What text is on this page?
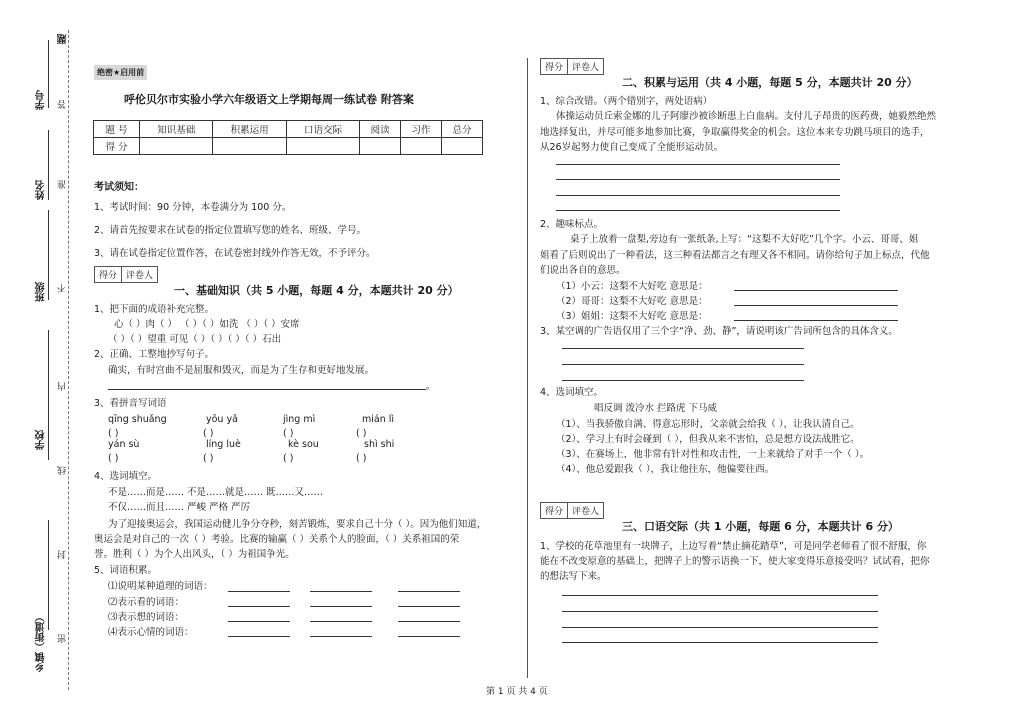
题
学号 答
姓名 准
班级 不
内
学校
线
封
乡镇（街道） 密
绝密★启用前
呼伦贝尔市实验小学六年级语文上学期每周一练试卷 附答案
题 号	知识基础	积累运用	口语交际	阅读	习作	总分
得 分						
考试须知：
1、考试时间：90 分钟，本卷满分为 100 分。
2、请首先按要求在试卷的指定位置填写您的姓名、班级、学号。
3、请在试卷指定位置作答，在试卷密封线外作答无效，不予评分。
得分	评卷人
一、基础知识（共 5 小题，每题 4 分，本题共计 20 分）
1、把下面的成语补充完整。
心（ ）肉（ ） （ ）（ ）如洗 （ ）（ ）安席
（ ）（ ）望重 可见（ ）（ ）（ ）（ ）石出
2、正确、工整地抄写句子。
确实，有时宫曲不是屈服和毁灭，而是为了生存和更好地发展。
。
3、看拼音写词语
qīng shuǎng	yōu yǎ	jìng mì	mián lì
( )	( )	( )	( )
yán sù	líng luè	kè sou	shì shi
( )	( )	( )	( )
4、选词填空。
不是……而是…… 不是……就是…… 既……又……
不仅……而且…… 严峻 严格 严厉
为了迎接奥运会，我国运动健儿争分夺秒，刻苦锻炼，要求自己十分（ ）。因为他们知道，
奥运会是对自己的一次（ ）考验。比赛的输赢（ ）关系个人的脸面，（ ）关系祖国的荣
誉。胜利（ ）为个人出风头，（ ）为祖国争光。
5、词语积累。
⑴说明某种道理的词语：
⑵表示看的词语：
⑶表示想的词语：
⑷表示心情的词语：
得分	评卷人
二、积累与运用（共 4 小题，每题 5 分，本题共计 20 分）
1、综合改错。（两个错别字，两处语病）
体操运动员丘索金娜的儿子阿廖沙被诊断患上白血病。支付儿子昂贵的医药费，她毅然绝然
地选择复出，并尽可能多地参加比赛，争取赢得奖金的机会。这位本来专功跳马项目的选手，
从26岁起努力使自己变成了全能形运动员。
2、趣味标点。
桌子上放着一盘梨,旁边有一张纸条,上写：“这梨不大好吃”几个字。小云、哥哥、姐
姐看了后则说出了一种看法，这三种看法都言之有理又各不相同。请你给句子加上标点，代他
们说出各自的意思。
（1）小云：这梨不大好吃 意思是：
（2）哥哥：这梨不大好吃 意思是：
（3）姐姐：这梨不大好吃 意思是：
3、某空调的广告语仅用了三个字“净、劲、静”，请说明该广告词所包含的具体含义。
4、选词填空。
唱反调 泼冷水 拦路虎 下马威
（1）、当我骄傲自满、得意忘形时，父亲就会给我（ ），让我认清自己。
（2）、学习上有时会碰到（ ），但我从来不害怕，总是想方设法战胜它。
（3）、在赛场上，他非常有针对性和攻击性，一上来就给了对手一个（ ）。
（4）、他总爱跟我（ ），我让他往东，他偏要往西。
得分	评卷人
三、口语交际（共 1 小题，每题 6 分，本题共计 6 分）
1、学校的花草池里有一块牌子，上边写着“禁止摘花踏草”，可是同学老师看了很不舒服，你
能在不改变原意的基础上，把牌子上的警示语换一下，使大家变得乐意接受吗？试试看，把你
的想法写下来。
第 1 页 共 4 页
